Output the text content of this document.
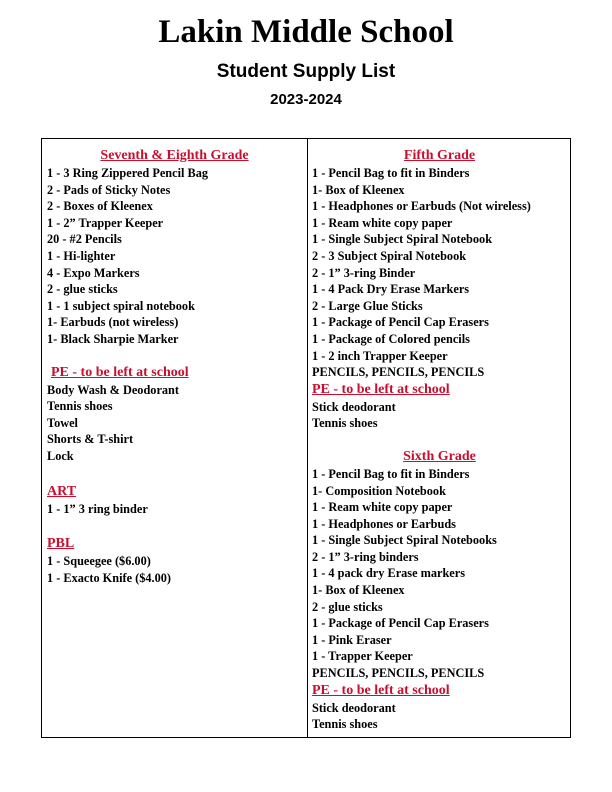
Lakin Middle School
Student Supply List
2023-2024
Seventh & Eighth Grade
1 - 3 Ring Zippered Pencil Bag
2 - Pads of Sticky Notes
2 - Boxes of Kleenex
1 - 2” Trapper Keeper
20 - #2 Pencils
1 - Hi-lighter
4 - Expo Markers
2 - glue sticks
1 - 1 subject spiral notebook
1- Earbuds (not wireless)
1- Black Sharpie Marker
PE - to be left at school
Body Wash & Deodorant
Tennis shoes
Towel
Shorts & T-shirt
Lock
ART
1 - 1” 3 ring binder
PBL
1 - Squeegee ($6.00)
1 - Exacto Knife ($4.00)
Fifth Grade
1 - Pencil Bag to fit in Binders
1- Box of Kleenex
1 - Headphones or Earbuds (Not wireless)
1 - Ream white copy paper
1 - Single Subject Spiral Notebook
2 - 3 Subject Spiral Notebook
2 - 1” 3-ring Binder
1 - 4 Pack Dry Erase Markers
2 - Large Glue Sticks
1 - Package of Pencil Cap Erasers
1 - Package of Colored pencils
1 - 2 inch Trapper Keeper
PENCILS, PENCILS, PENCILS
PE - to be left at school
Stick deodorant
Tennis shoes
Sixth Grade
1 - Pencil Bag to fit in Binders
1- Composition Notebook
1 - Ream white copy paper
1 - Headphones or Earbuds
1 - Single Subject Spiral Notebooks
2 - 1” 3-ring binders
1 - 4 pack dry Erase markers
1- Box of Kleenex
2 - glue sticks
1 - Package of Pencil Cap Erasers
1 - Pink Eraser
1 - Trapper Keeper
PENCILS, PENCILS, PENCILS
PE - to be left at school
Stick deodorant
Tennis shoes
